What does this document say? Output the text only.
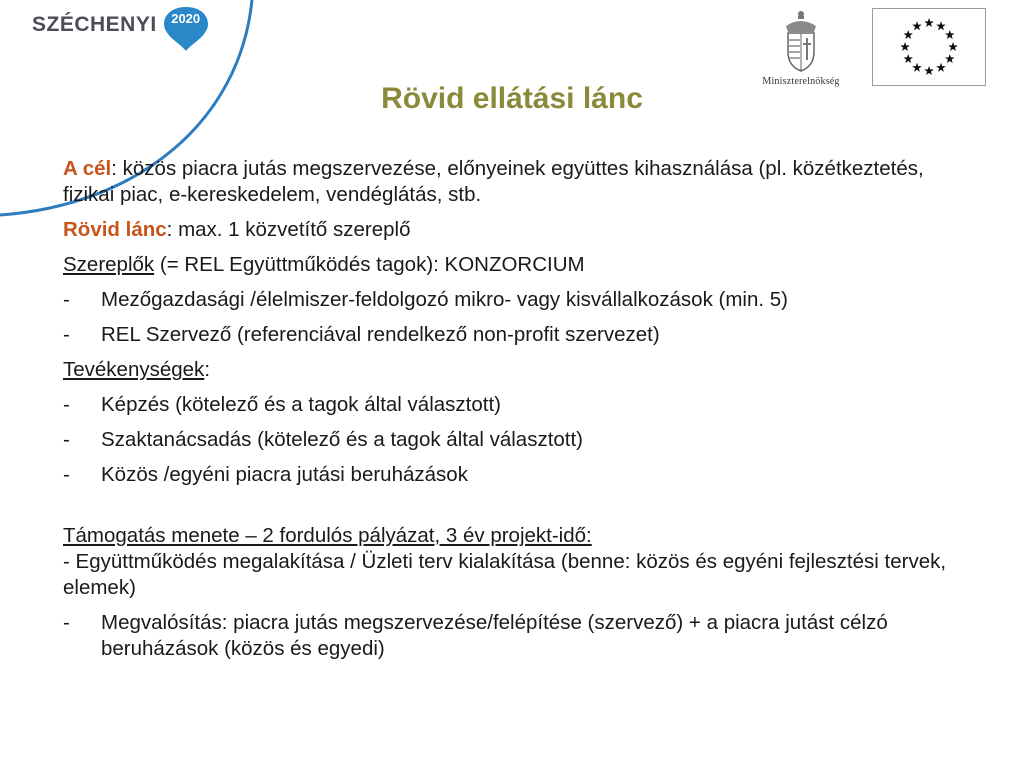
SZÉCHENYI	2020
Miniszterelnökség
Rövid ellátási lánc

A cél: közös piacra jutás megszervezése, előnyeinek együttes kihasználása (pl. közétkeztetés, fizikai piac, e-kereskedelem, vendéglátás, stb.

Rövid lánc: max. 1 közvetítő szereplő

Szereplők (= REL Együttműködés tagok): KONZORCIUM

-	Mezőgazdasági /élelmiszer-feldolgozó mikro- vagy kisvállalkozások (min. 5)
-	REL Szervező (referenciával rendelkező non-profit szervezet)

Tevékenységek:

-	Képzés (kötelező és a tagok által választott)
-	Szaktanácsadás (kötelező és a tagok által választott)
-	Közös /egyéni piacra jutási beruházások

Támogatás menete – 2 fordulós pályázat, 3 év projekt-idő:

- Együttműködés megalakítása / Üzleti terv kialakítása (benne: közös és egyéni fejlesztési tervek, elemek)

-	Megvalósítás: piacra jutás megszervezése/felépítése (szervező) + a piacra jutást célzó beruházások (közös és egyedi)
